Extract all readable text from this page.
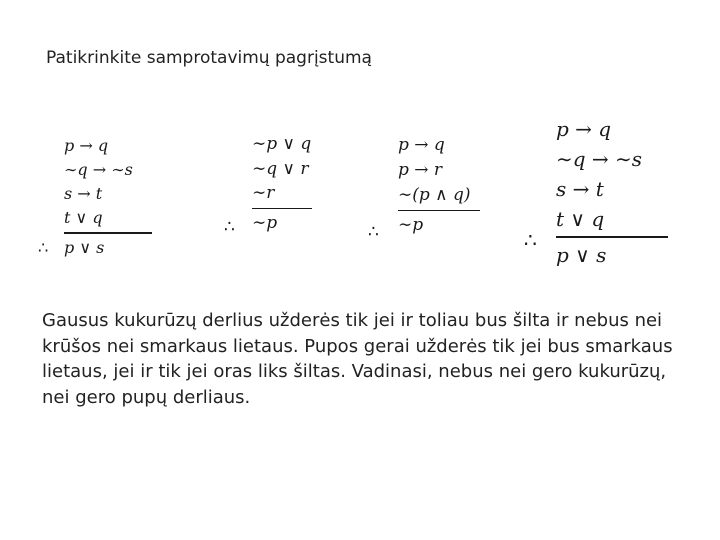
Patikrinkite samprotavimų pagrįstumą
p → q
∼q → ∼s
s → t
t ∨ q
p ∨ s
∴
∼p ∨ q
∼q ∨ r
∼r
∼p
∴
p → q
p → r
∼(p ∧ q)
∼p
∴
p → q
∼q → ∼s
s → t
t ∨ q
p ∨ s
∴
Gausus kukurūzų derlius užderės tik jei ir toliau bus šilta ir nebus nei krūšos nei smarkaus lietaus. Pupos gerai užderės tik jei bus smarkaus lietaus, jei ir tik jei oras liks šiltas. Vadinasi, nebus nei gero kukurūzų, nei gero pupų derliaus.
